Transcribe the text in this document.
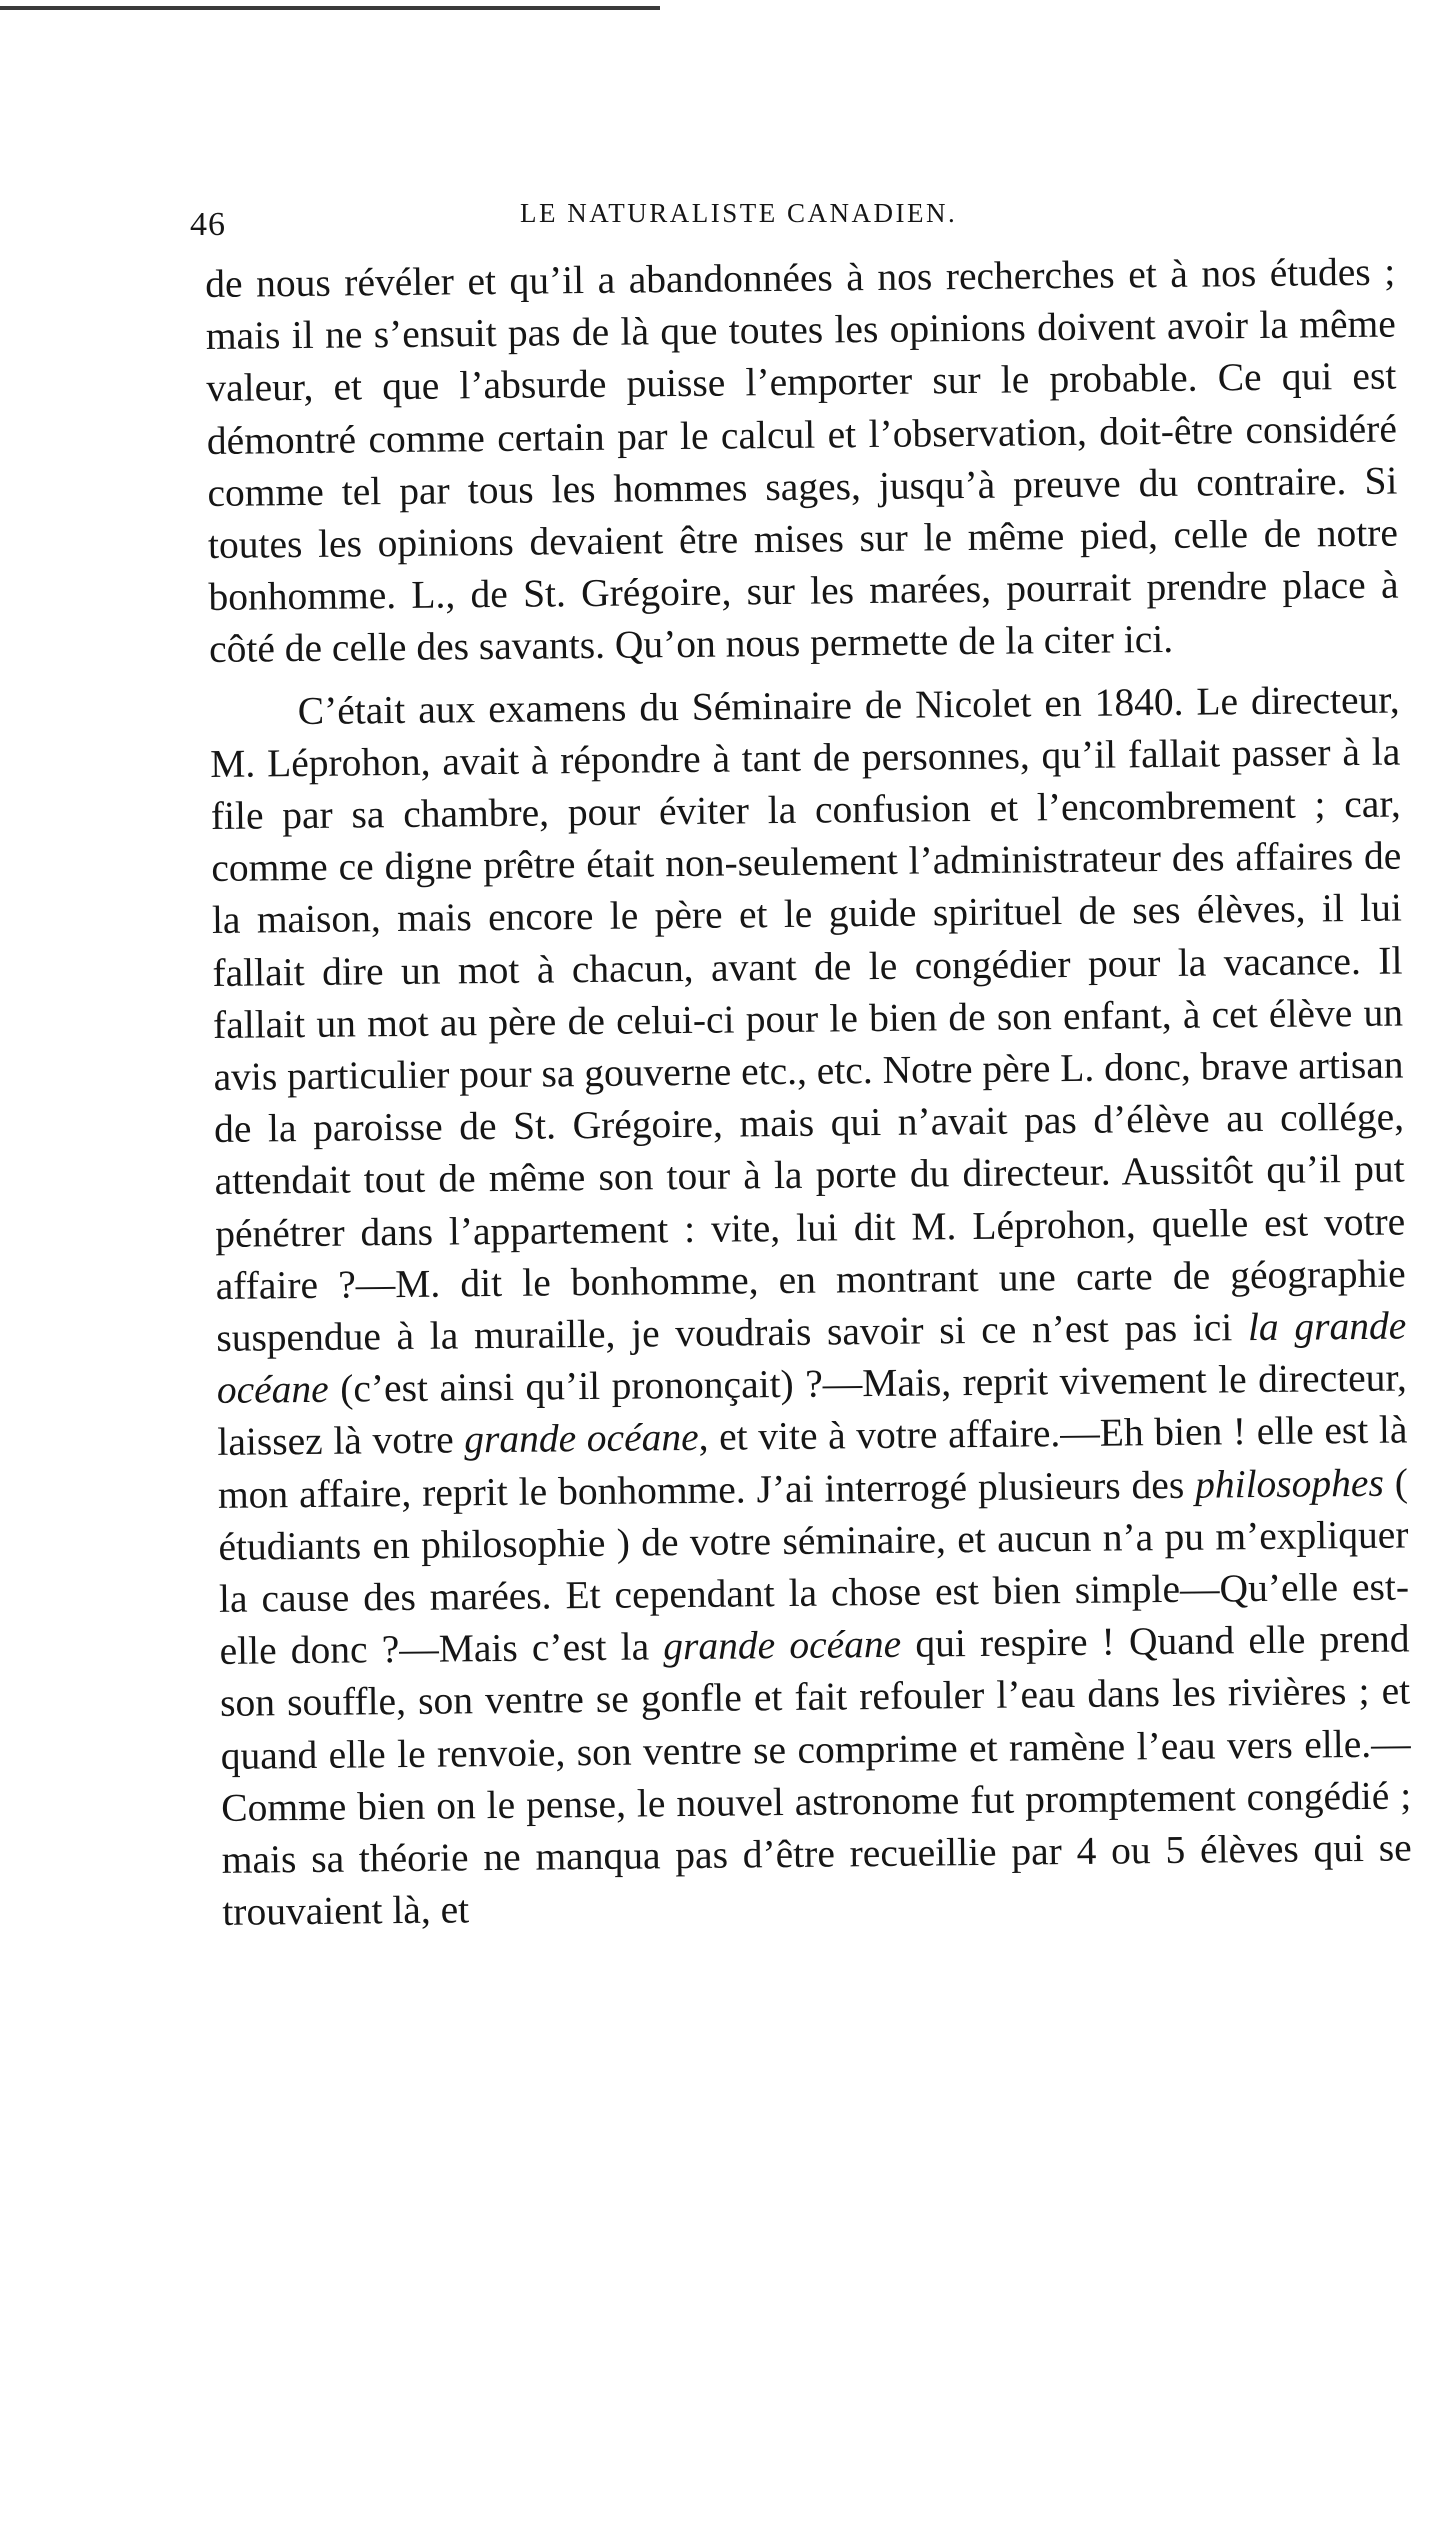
46	LE NATURALISTE CANADIEN.

de nous révéler et qu’il a abandonnées à nos recherches et à nos études ; mais il ne s’ensuit pas de là que toutes les opinions doivent avoir la même valeur, et que l’absurde puisse l’emporter sur le probable. Ce qui est démontré comme certain par le calcul et l’observation, doit-être considéré comme tel par tous les hommes sages, jusqu’à preuve du contraire. Si toutes les opinions devaient être mises sur le même pied, celle de notre bonhomme. L., de St. Grégoire, sur les marées, pourrait prendre place à côté de celle des savants. Qu’on nous permette de la citer ici.

C’était aux examens du Séminaire de Nicolet en 1840. Le directeur, M. Léprohon, avait à répondre à tant de personnes, qu’il fallait passer à la file par sa chambre, pour éviter la confusion et l’encombrement ; car, comme ce digne prêtre était non-seulement l’administrateur des affaires de la maison, mais encore le père et le guide spirituel de ses élèves, il lui fallait dire un mot à chacun, avant de le congédier pour la vacance. Il fallait un mot au père de celui-ci pour le bien de son enfant, à cet élève un avis particulier pour sa gouverne etc., etc. Notre père L. donc, brave artisan de la paroisse de St. Grégoire, mais qui n’avait pas d’élève au collége, attendait tout de même son tour à la porte du directeur. Aussitôt qu’il put pénétrer dans l’appartement : vite, lui dit M. Léprohon, quelle est votre affaire ?—M. dit le bonhomme, en montrant une carte de géographie suspendue à la muraille, je voudrais savoir si ce n’est pas ici la grande océane (c’est ainsi qu’il prononçait) ?—Mais, reprit vivement le directeur, laissez là votre grande océane, et vite à votre affaire.—Eh bien ! elle est là mon affaire, reprit le bonhomme. J’ai interrogé plusieurs des philosophes ( étudiants en philosophie ) de votre séminaire, et aucun n’a pu m’expliquer la cause des marées. Et cependant la chose est bien simple—Qu’elle est-elle donc ?—Mais c’est la grande océane qui respire ! Quand elle prend son souffle, son ventre se gonfle et fait refouler l’eau dans les rivières ; et quand elle le renvoie, son ventre se comprime et ramène l’eau vers elle.— Comme bien on le pense, le nouvel astronome fut promptement congédié ; mais sa théorie ne manqua pas d’être recueillie par 4 ou 5 élèves qui se trouvaient là, et
